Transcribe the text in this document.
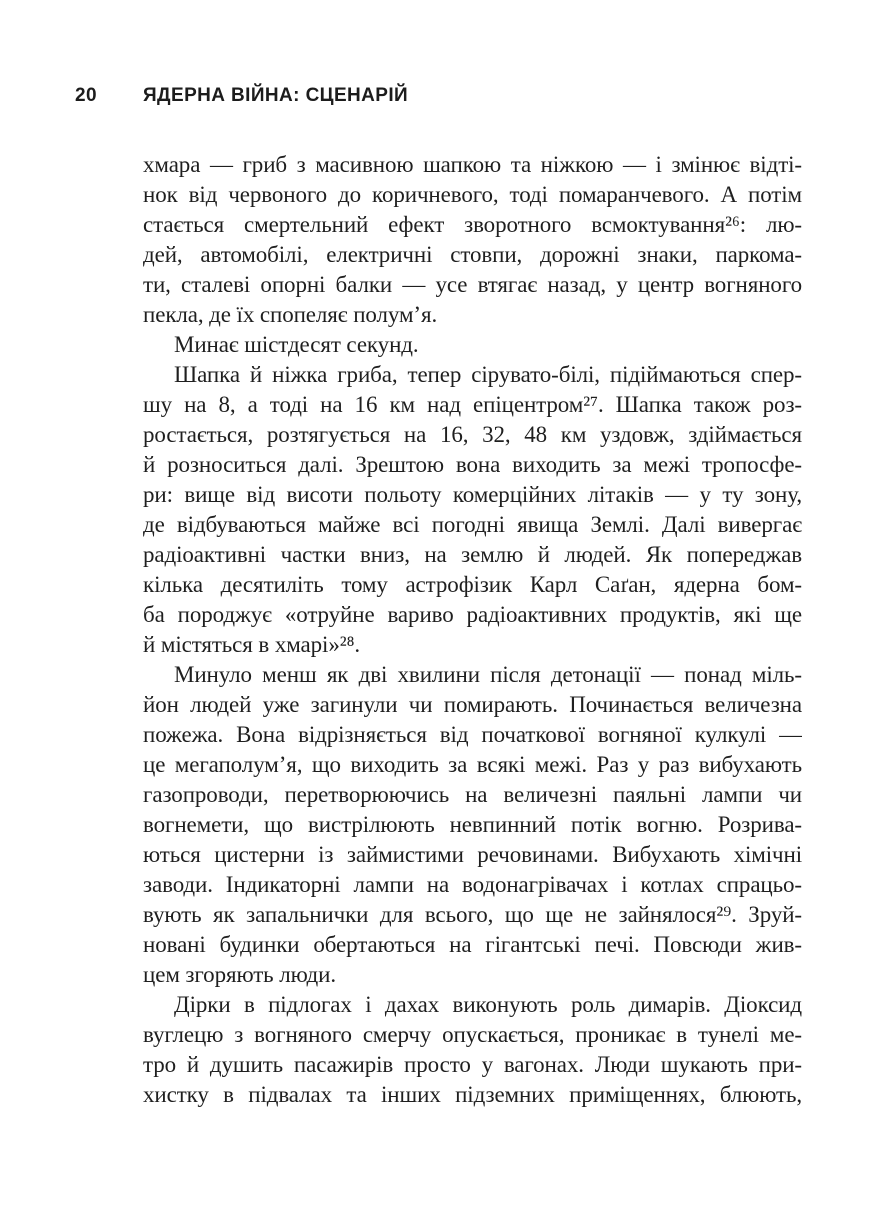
20 ЯДЕРНА ВІЙНА: СЦЕНАРІЙ
хмара — гриб з масивною шапкою та ніжкою — і змінює відті-
нок від червоного до коричневого, тоді помаранчевого. А потім
стається смертельний ефект зворотного всмоктування²⁶: лю-
дей, автомобілі, електричні стовпи, дорожні знаки, паркома-
ти, сталеві опорні балки — усе втягає назад, у центр вогняного
пекла, де їх спопеляє полум’я.
Минає шістдесят секунд.
Шапка й ніжка гриба, тепер сірувато-білі, підіймаються спер-
шу на 8, а тоді на 16 км над епіцентром²⁷. Шапка також роз-
ростається, розтягується на 16, 32, 48 км уздовж, здіймається
й розноситься далі. Зрештою вона виходить за межі тропосфе-
ри: вище від висоти польоту комерційних літаків — у ту зону,
де відбуваються майже всі погодні явища Землі. Далі вивергає
радіоактивні частки вниз, на землю й людей. Як попереджав
кілька десятиліть тому астрофізик Карл Саґан, ядерна бом-
ба породжує «отруйне вариво радіоактивних продуктів, які ще
й містяться в хмарі»²⁸.
Минуло менш як дві хвилини після детонації — понад міль-
йон людей уже загинули чи помирають. Починається величезна
пожежа. Вона відрізняється від початкової вогняної кулкулі —
це мегаполум’я, що виходить за всякі межі. Раз у раз вибухають
газопроводи, перетворюючись на величезні паяльні лампи чи
вогнемети, що вистрілюють невпинний потік вогню. Розрива-
ються цистерни із займистими речовинами. Вибухають хімічні
заводи. Індикаторні лампи на водонагрівачах і котлах спрацьо-
вують як запальнички для всього, що ще не зайнялося²⁹. Зруй-
новані будинки обертаються на гігантські печі. Повсюди жив-
цем згоряють люди.
Дірки в підлогах і дахах виконують роль димарів. Діоксид
вуглецю з вогняного смерчу опускається, проникає в тунелі ме-
тро й душить пасажирів просто у вагонах. Люди шукають при-
хистку в підвалах та інших підземних приміщеннях, блюють,
